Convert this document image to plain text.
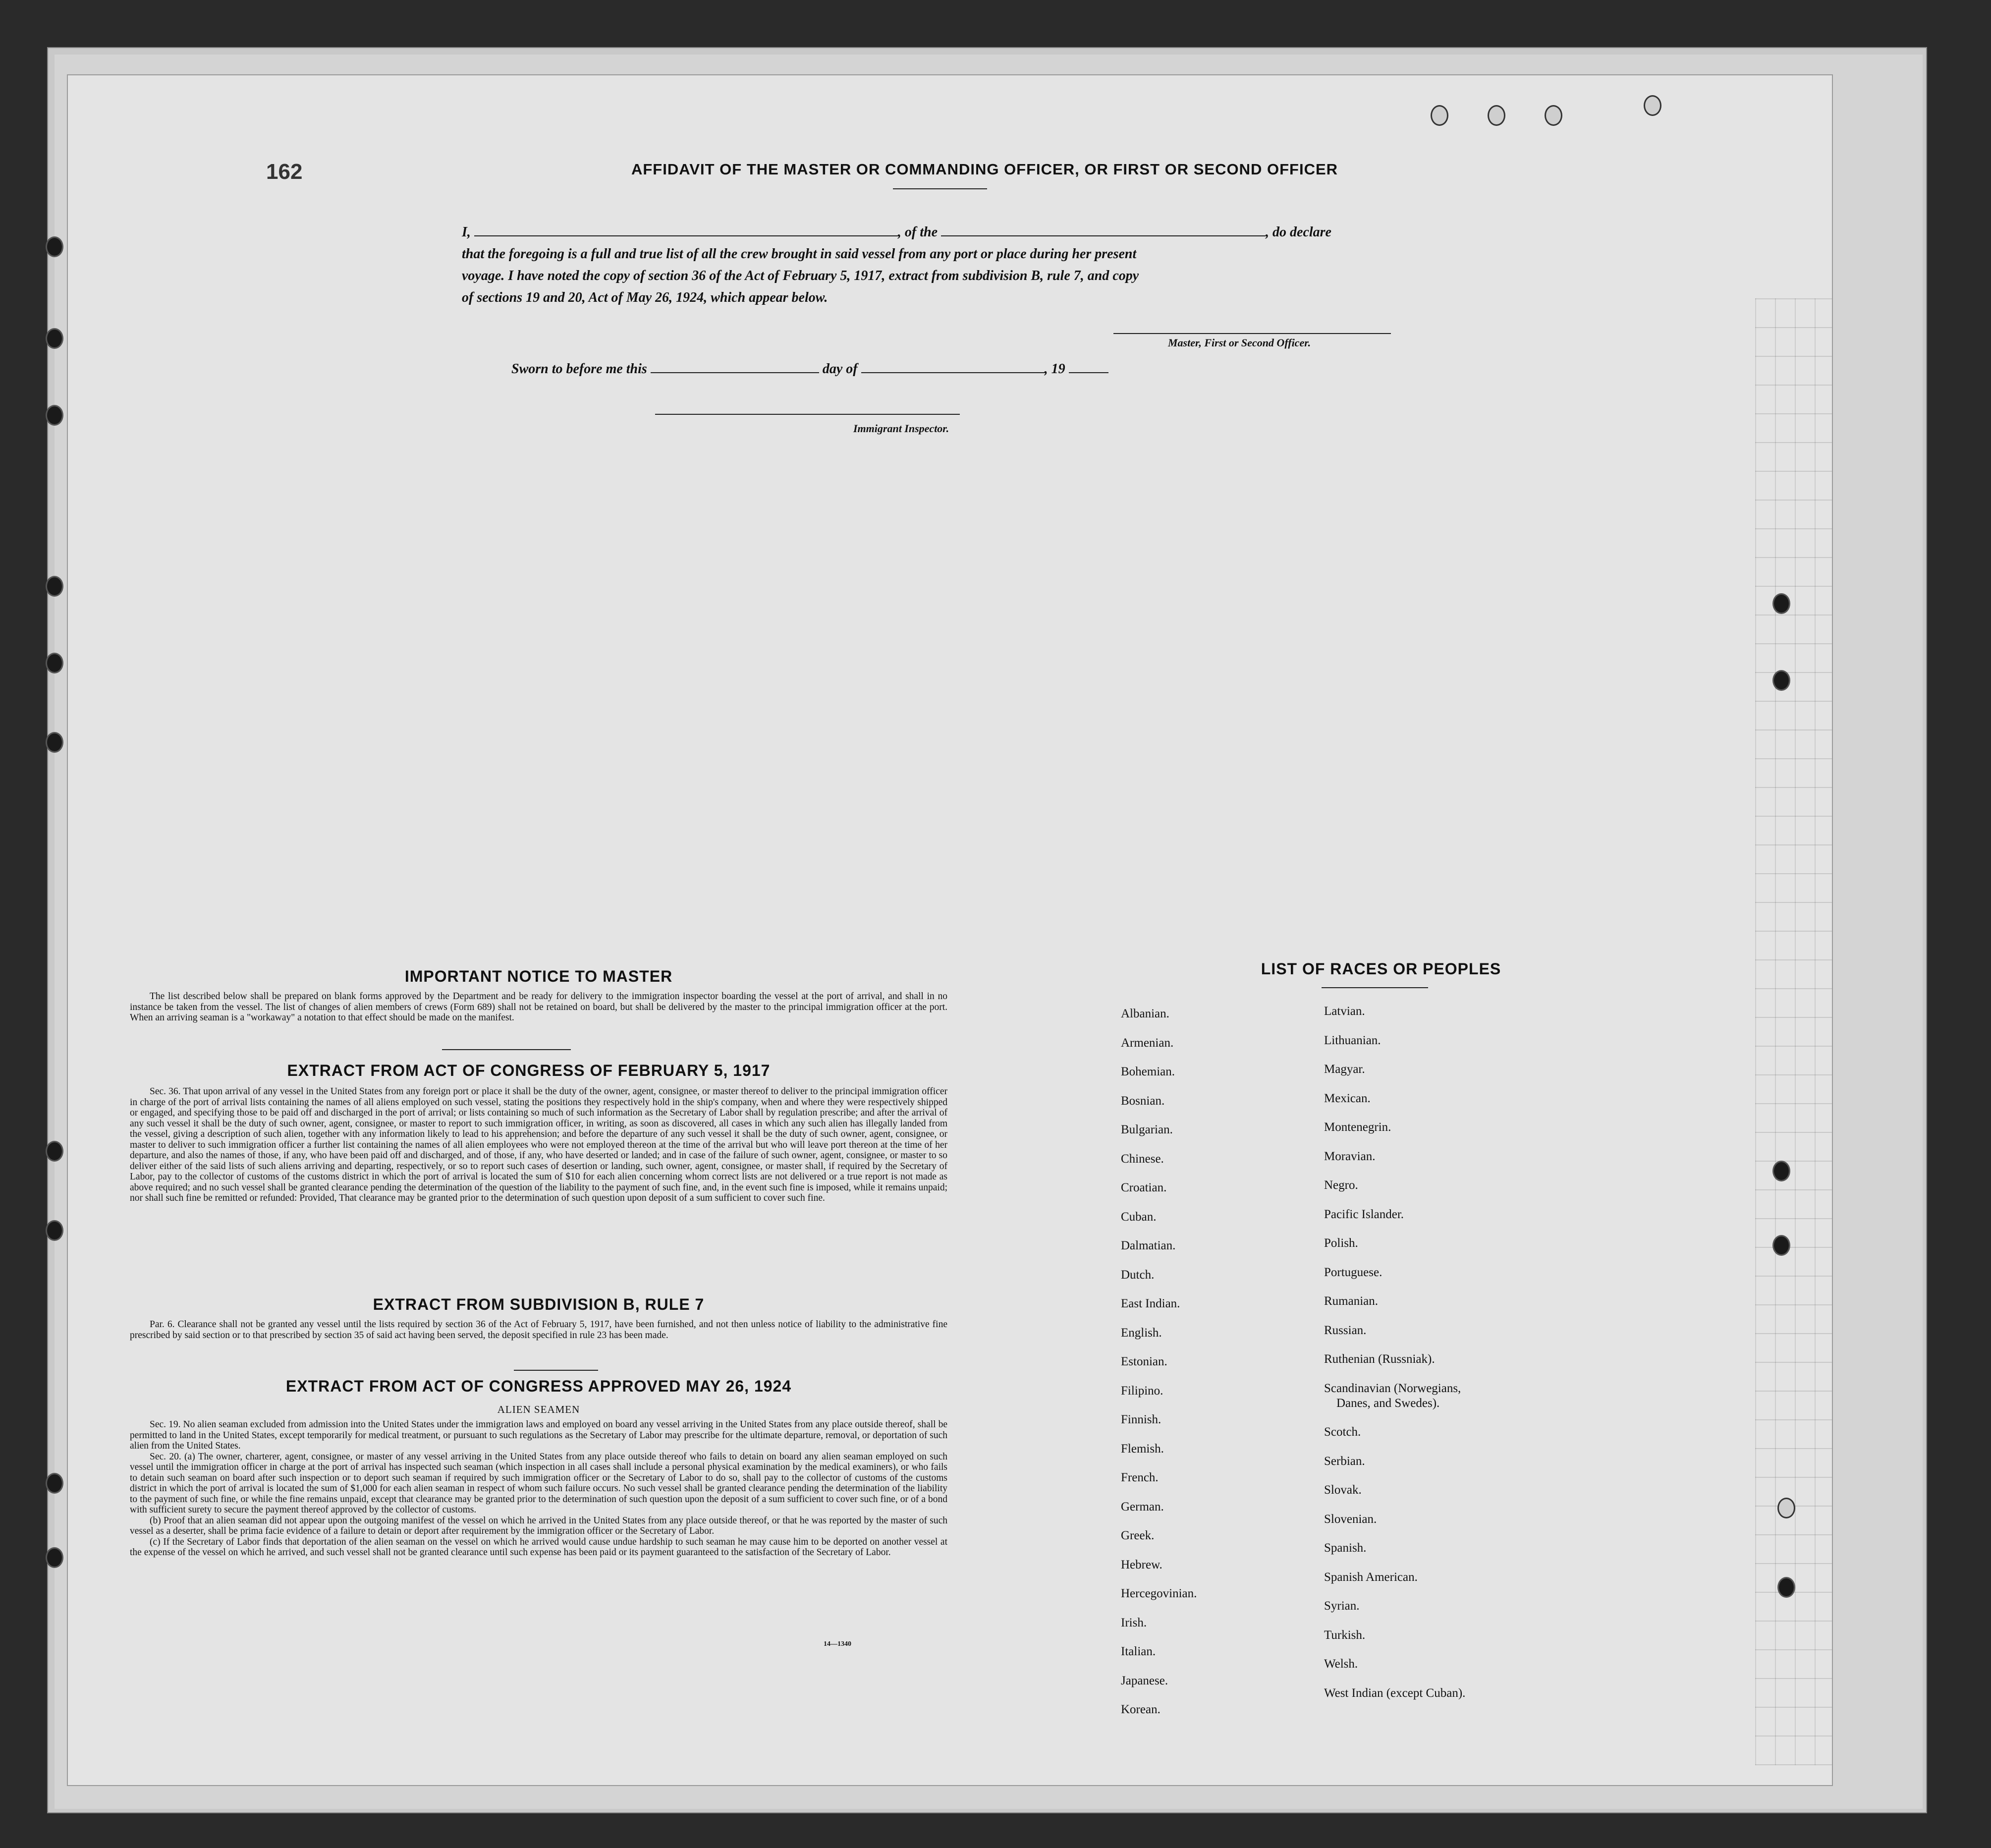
162	AFFIDAVIT OF THE MASTER OR COMMANDING OFFICER, OR FIRST OR SECOND OFFICER
I,	, of the	, do declare
that the foregoing is a full and true list of all the crew brought in said vessel from any port or place during her present
voyage. I have noted the copy of section 36 of the Act of February 5, 1917, extract from subdivision B, rule 7, and copy
of sections 19 and 20, Act of May 26, 1924, which appear below.
Master, First or Second Officer.
Sworn to before me this	day of	, 19
Immigrant Inspector.
IMPORTANT NOTICE TO MASTER

The list described below shall be prepared on blank forms approved by the Department and be ready for delivery to the immigration inspector boarding the vessel at the port of arrival, and shall in no instance be taken from the vessel. The list of changes of alien members of crews (Form 689) shall not be retained on board, but shall be delivered by the master to the principal immigration officer at the port. When an arriving seaman is a "workaway" a notation to that effect should be made on the manifest.

EXTRACT FROM ACT OF CONGRESS OF FEBRUARY 5, 1917

Sec. 36. That upon arrival of any vessel in the United States from any foreign port or place it shall be the duty of the owner, agent, consignee, or master thereof to deliver to the principal immigration officer in charge of the port of arrival lists containing the names of all aliens employed on such vessel, stating the positions they respectively hold in the ship's company, when and where they were respectively shipped or engaged, and specifying those to be paid off and discharged in the port of arrival; or lists containing so much of such information as the Secretary of Labor shall by regulation prescribe; and after the arrival of any such vessel it shall be the duty of such owner, agent, consignee, or master to report to such immigration officer, in writing, as soon as discovered, all cases in which any such alien has illegally landed from the vessel, giving a description of such alien, together with any information likely to lead to his apprehension; and before the departure of any such vessel it shall be the duty of such owner, agent, consignee, or master to deliver to such immigration officer a further list containing the names of all alien employees who were not employed thereon at the time of the arrival but who will leave port thereon at the time of her departure, and also the names of those, if any, who have been paid off and discharged, and of those, if any, who have deserted or landed; and in case of the failure of such owner, agent, consignee, or master to so deliver either of the said lists of such aliens arriving and departing, respectively, or so to report such cases of desertion or landing, such owner, agent, consignee, or master shall, if required by the Secretary of Labor, pay to the collector of customs of the customs district in which the port of arrival is located the sum of $10 for each alien concerning whom correct lists are not delivered or a true report is not made as above required; and no such vessel shall be granted clearance pending the determination of the question of the liability to the payment of such fine, and, in the event such fine is imposed, while it remains unpaid; nor shall such fine be remitted or refunded: Provided, That clearance may be granted prior to the determination of such question upon deposit of a sum sufficient to cover such fine.

EXTRACT FROM SUBDIVISION B, RULE 7

Par. 6. Clearance shall not be granted any vessel until the lists required by section 36 of the Act of February 5, 1917, have been furnished, and not then unless notice of liability to the administrative fine prescribed by said section or to that prescribed by section 35 of said act having been served, the deposit specified in rule 23 has been made.

EXTRACT FROM ACT OF CONGRESS APPROVED MAY 26, 1924
ALIEN SEAMEN

Sec. 19. No alien seaman excluded from admission into the United States under the immigration laws and employed on board any vessel arriving in the United States from any place outside thereof, shall be permitted to land in the United States, except temporarily for medical treatment, or pursuant to such regulations as the Secretary of Labor may prescribe for the ultimate departure, removal, or deportation of such alien from the United States.

Sec. 20. (a) The owner, charterer, agent, consignee, or master of any vessel arriving in the United States from any place outside thereof who fails to detain on board any alien seaman employed on such vessel until the immigration officer in charge at the port of arrival has inspected such seaman (which inspection in all cases shall include a personal physical examination by the medical examiners), or who fails to detain such seaman on board after such inspection or to deport such seaman if required by such immigration officer or the Secretary of Labor to do so, shall pay to the collector of customs of the customs district in which the port of arrival is located the sum of $1,000 for each alien seaman in respect of whom such failure occurs. No such vessel shall be granted clearance pending the determination of the liability to the payment of such fine, or while the fine remains unpaid, except that clearance may be granted prior to the determination of such question upon the deposit of a sum sufficient to cover such fine, or of a bond with sufficient surety to secure the payment thereof approved by the collector of customs.

(b) Proof that an alien seaman did not appear upon the outgoing manifest of the vessel on which he arrived in the United States from any place outside thereof, or that he was reported by the master of such vessel as a deserter, shall be prima facie evidence of a failure to detain or deport after requirement by the immigration officer or the Secretary of Labor.

(c) If the Secretary of Labor finds that deportation of the alien seaman on the vessel on which he arrived would cause undue hardship to such seaman he may cause him to be deported on another vessel at the expense of the vessel on which he arrived, and such vessel shall not be granted clearance until such expense has been paid or its payment guaranteed to the satisfaction of the Secretary of Labor.

14—1340
LIST OF RACES OR PEOPLES
Albanian.
Armenian.
Bohemian.
Bosnian.
Bulgarian.
Chinese.
Croatian.
Cuban.
Dalmatian.
Dutch.
East Indian.
English.
Estonian.
Filipino.
Finnish.
Flemish.
French.
German.
Greek.
Hebrew.
Hercegovinian.
Irish.
Italian.
Japanese.
Korean.
Latvian.
Lithuanian.
Magyar.
Mexican.
Montenegrin.
Moravian.
Negro.
Pacific Islander.
Polish.
Portuguese.
Rumanian.
Russian.
Ruthenian (Russniak).
Scandinavian (Norwegians,
Danes, and Swedes).
Scotch.
Serbian.
Slovak.
Slovenian.
Spanish.
Spanish American.
Syrian.
Turkish.
Welsh.
West Indian (except Cuban).
